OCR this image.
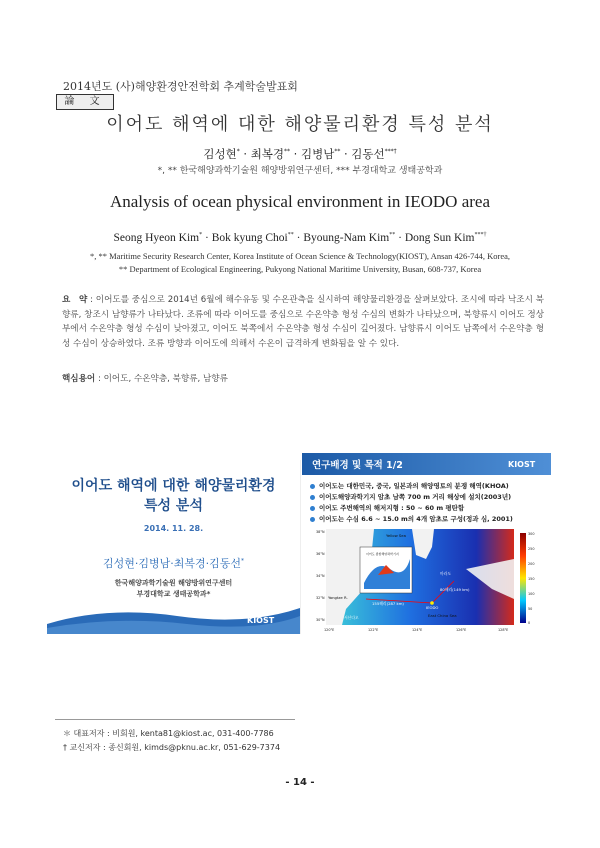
2014년도 (사)해양환경안전학회 추계학술발표회
論 文
이어도 해역에 대한 해양물리환경 특성 분석
김성현* · 최복경** · 김병남** · 김동선***†
*, ** 한국해양과학기술원 해양방위연구센터, *** 부경대학교 생태공학과
Analysis of ocean physical environment in IEODO area
Seong Hyeon Kim* · Bok kyung Choi** · Byoung-Nam Kim** · Dong Sun Kim***†
*, ** Maritime Security Research Center, Korea Institute of Ocean Science & Technology(KIOST), Ansan 426-744, Korea,
** Department of Ecological Engineering, Pukyong National Maritime University, Busan, 608-737, Korea
요　약 : 이어도를 중심으로 2014년 6월에 해수유동 및 수온관측을 실시하여 해양물리환경을 살펴보았다. 조시에 따라 낙조시 북향류, 창조시 남향류가 나타났다. 조류에 따라 이어도를 중심으로 수온약층 형성 수심의 변화가 나타났으며, 북향류시 이어도 정상부에서 수온약층 형성 수심이 낮아졌고, 이어도 북쪽에서 수온약층 형성 수심이 깊어졌다. 남향류시 이어도 남쪽에서 수온약층 형성 수심이 상승하였다. 조류 방향과 이어도에 의해서 수온이 급격하게 변화됨을 알 수 있다.
핵심용어 : 이어도, 수온약층, 북향류, 남향류
이어도 해역에 대한 해양물리환경
특성 분석
2014. 11. 28.
김성현·김병남·최복경·김동선*
한국해양과학기술원 해양방위연구센터
부경대학교 생태공학과*
KIOST
연구배경 및 목적 1/2	KIOST
이어도는 대한민국, 중국, 일본과의 해양영토의 분쟁 해역(KHOA)
이어도해양과학기지 암초 남쪽 700 m 거리 해상에 설치(2003년)
이어도 주변해역의 해저지형 : 50 ~ 60 m 평탄함
이어도는 수심 6.6 ~ 15.0 m의 4개 암초로 구성(정과 심, 2001)
Yellow Sea
East China Sea
Yangtze R.
IEODO
155해리(287 km)
80해리(149 km)
마라도
서산다오
이어도 종합해양과학기지
38°N
36°N
34°N
32°N
30°N
120°E	122°E	124°E	126°E	128°E
300
250
200
150
100
50
0
＊ 대표저자 : 비회원, kenta81@kiost.ac, 031-400-7786
† 교신저자 : 종신회원, kimds@pknu.ac.kr, 051-629-7374
- 14 -
